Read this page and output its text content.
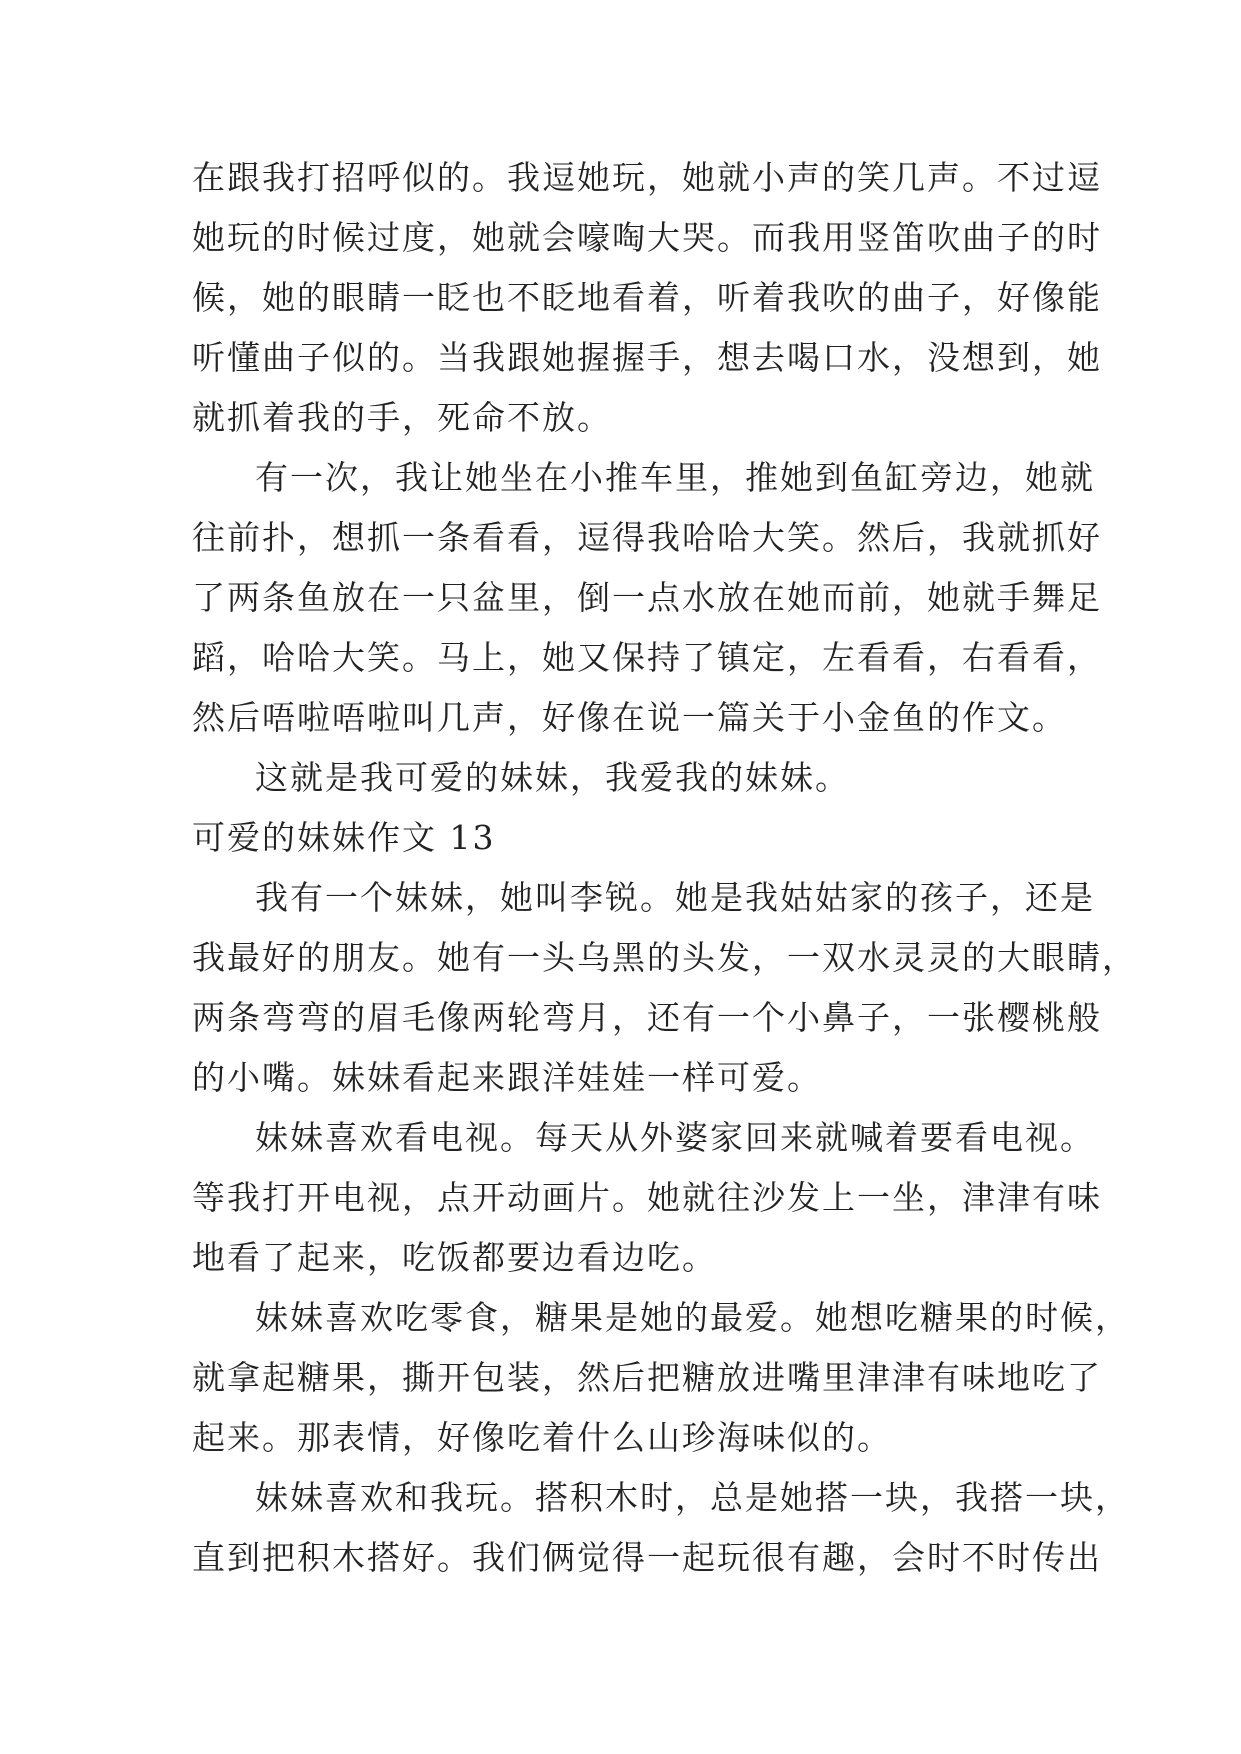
在跟我打招呼似的。我逗她玩，她就小声的笑几声。不过逗
她玩的时候过度，她就会嚎啕大哭。而我用竖笛吹曲子的时
候，她的眼睛一眨也不眨地看着，听着我吹的曲子，好像能
听懂曲子似的。当我跟她握握手，想去喝口水，没想到，她
就抓着我的手，死命不放。
有一次，我让她坐在小推车里，推她到鱼缸旁边，她就
往前扑，想抓一条看看，逗得我哈哈大笑。然后，我就抓好
了两条鱼放在一只盆里，倒一点水放在她而前，她就手舞足
蹈，哈哈大笑。马上，她又保持了镇定，左看看，右看看，
然后唔啦唔啦叫几声，好像在说一篇关于小金鱼的作文。
这就是我可爱的妹妹，我爱我的妹妹。
可爱的妹妹作文 13
我有一个妹妹，她叫李锐。她是我姑姑家的孩子，还是
我最好的朋友。她有一头乌黑的头发，一双水灵灵的大眼睛，
两条弯弯的眉毛像两轮弯月，还有一个小鼻子，一张樱桃般
的小嘴。妹妹看起来跟洋娃娃一样可爱。
妹妹喜欢看电视。每天从外婆家回来就喊着要看电视。
等我打开电视，点开动画片。她就往沙发上一坐，津津有味
地看了起来，吃饭都要边看边吃。
妹妹喜欢吃零食，糖果是她的最爱。她想吃糖果的时候，
就拿起糖果，撕开包装，然后把糖放进嘴里津津有味地吃了
起来。那表情，好像吃着什么山珍海味似的。
妹妹喜欢和我玩。搭积木时，总是她搭一块，我搭一块，
直到把积木搭好。我们俩觉得一起玩很有趣，会时不时传出
